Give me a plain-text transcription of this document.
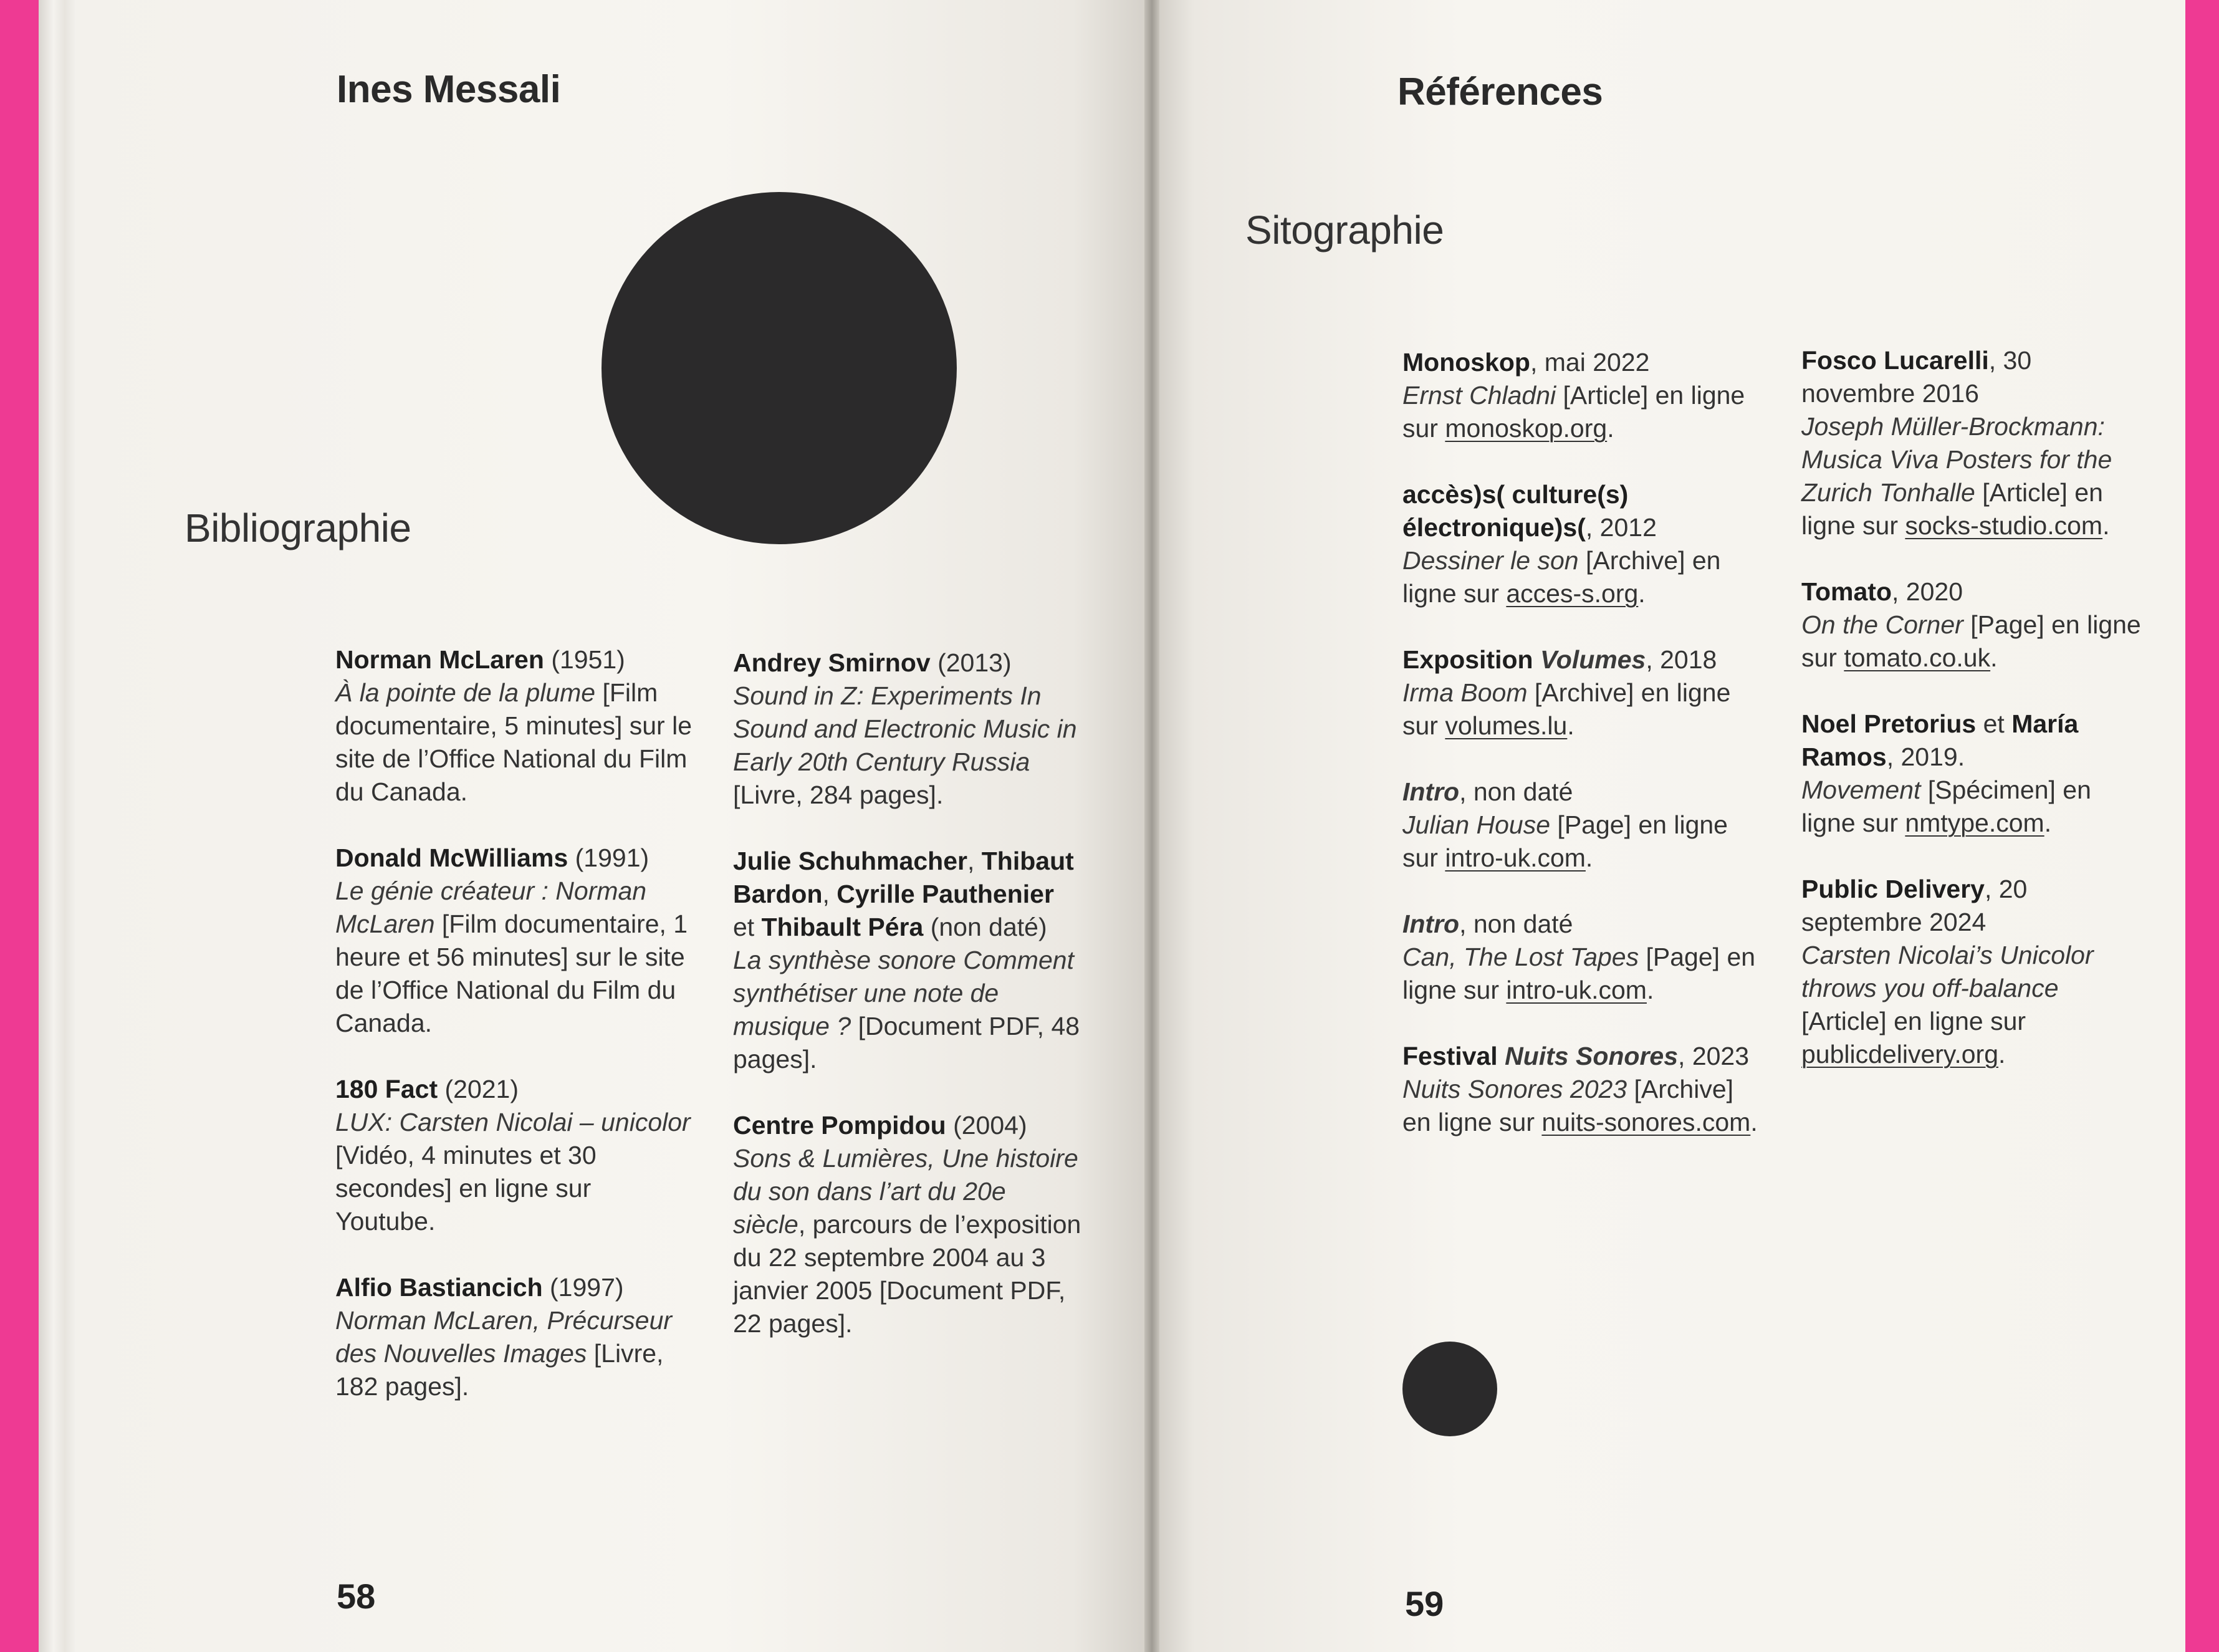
Ines Messali
Bibliographie
Norman McLaren (1951)
À la pointe de la plume [Film documentaire, 5 minutes] sur le site de l’Office National du Film du Canada.
Donald McWilliams (1991)
Le génie créateur : Norman McLaren [Film documentaire, 1 heure et 56 minutes] sur le site de l’Office National du Film du Canada.
180 Fact (2021)
LUX: Carsten Nicolai – unicolor [Vidéo, 4 minutes et 30 secondes] en ligne sur Youtube.
Alfio Bastiancich (1997)
Norman McLaren, Précurseur des Nouvelles Images [Livre, 182 pages].
Andrey Smirnov (2013)
Sound in Z: Experiments In Sound and Electronic Music in Early 20th Century Russia [Livre, 284 pages].
Julie Schuhmacher, Thibaut Bardon, Cyrille Pauthenier et Thibault Péra (non daté)
La synthèse sonore Comment synthétiser une note de musique ? [Document PDF, 48 pages].
Centre Pompidou (2004)
Sons & Lumières, Une histoire du son dans l’art du 20e siècle, parcours de l’exposition du 22 septembre 2004 au 3 janvier 2005 [Document PDF, 22 pages].
58
Références
Sitographie
Monoskop, mai 2022
Ernst Chladni [Article] en ligne sur monoskop.org.
accès)s( culture(s) électronique)s(, 2012
Dessiner le son [Archive] en ligne sur acces-s.org.
Exposition Volumes, 2018
Irma Boom [Archive] en ligne sur volumes.lu.
Intro, non daté
Julian House [Page] en ligne sur intro-uk.com.
Intro, non daté
Can, The Lost Tapes [Page] en ligne sur intro-uk.com.
Festival Nuits Sonores, 2023
Nuits Sonores 2023 [Archive] en ligne sur nuits-sonores.com.
Fosco Lucarelli, 30 novembre 2016
Joseph Müller-Brockmann: Musica Viva Posters for the Zurich Tonhalle [Article] en ligne sur socks-studio.com.
Tomato, 2020
On the Corner [Page] en ligne sur tomato.co.uk.
Noel Pretorius et María Ramos, 2019.
Movement [Spécimen] en ligne sur nmtype.com.
Public Delivery, 20 septembre 2024
Carsten Nicolai’s Unicolor throws you off-balance [Article] en ligne sur publicdelivery.org.
59
